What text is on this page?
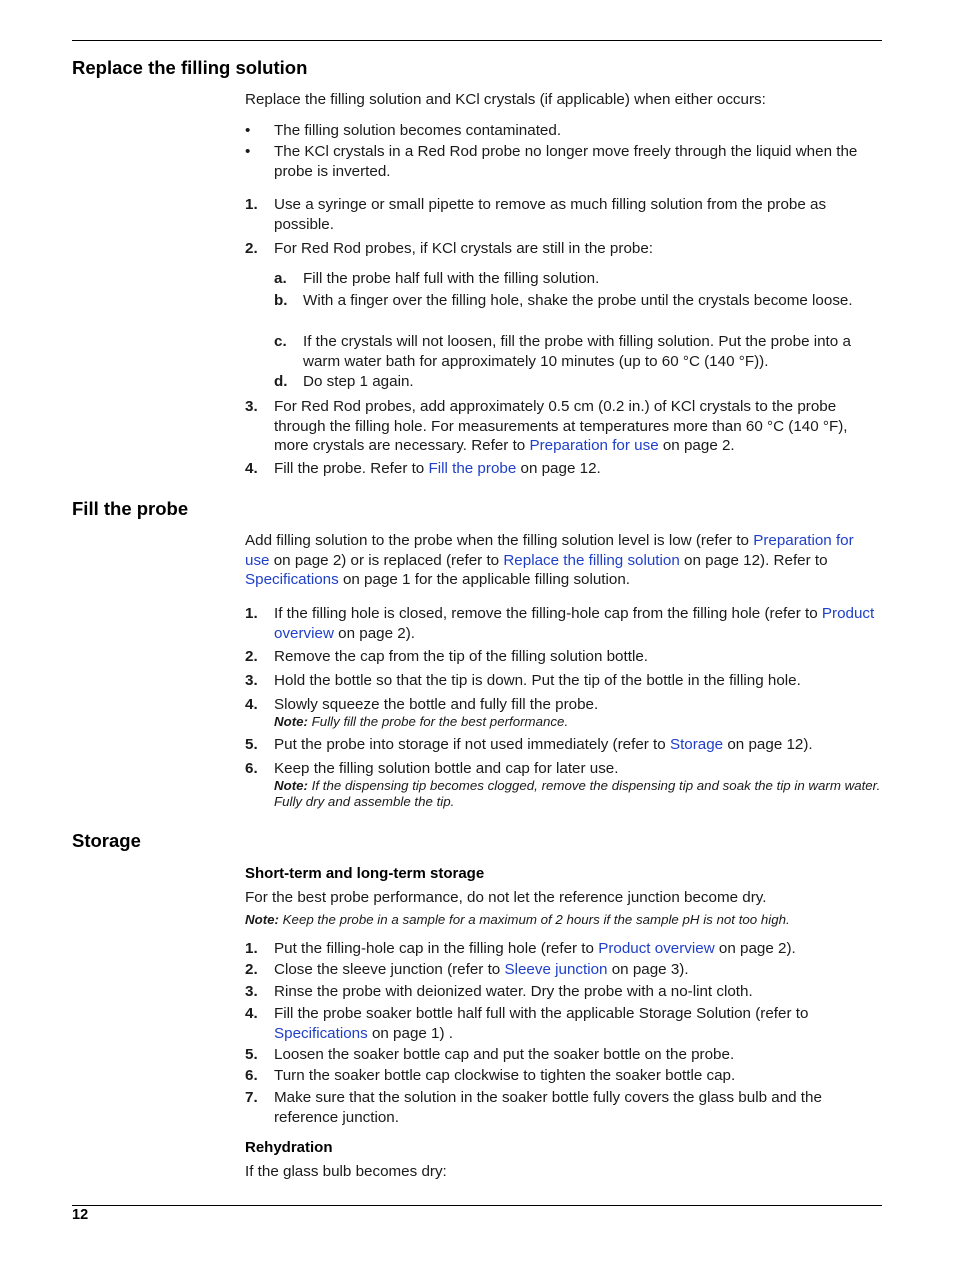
Replace the filling solution
Replace the filling solution and KCl crystals (if applicable) when either occurs:
• The filling solution becomes contaminated.
• The KCl crystals in a Red Rod probe no longer move freely through the liquid when the probe is inverted.
1. Use a syringe or small pipette to remove as much filling solution from the probe as possible.
2. For Red Rod probes, if KCl crystals are still in the probe:
a. Fill the probe half full with the filling solution.
b. With a finger over the filling hole, shake the probe until the crystals become loose.
c. If the crystals will not loosen, fill the probe with filling solution. Put the probe into a warm water bath for approximately 10 minutes (up to 60 °C (140 °F)).
d. Do step 1 again.
3. For Red Rod probes, add approximately 0.5 cm (0.2 in.) of KCl crystals to the probe through the filling hole. For measurements at temperatures more than 60 °C (140 °F), more crystals are necessary. Refer to Preparation for use on page 2.
4. Fill the probe. Refer to Fill the probe on page 12.
Fill the probe
Add filling solution to the probe when the filling solution level is low (refer to Preparation for use on page 2) or is replaced (refer to Replace the filling solution on page 12). Refer to Specifications on page 1 for the applicable filling solution.
1. If the filling hole is closed, remove the filling-hole cap from the filling hole (refer to Product overview on page 2).
2. Remove the cap from the tip of the filling solution bottle.
3. Hold the bottle so that the tip is down. Put the tip of the bottle in the filling hole.
4. Slowly squeeze the bottle and fully fill the probe.
Note: Fully fill the probe for the best performance.
5. Put the probe into storage if not used immediately (refer to Storage on page 12).
6. Keep the filling solution bottle and cap for later use.
Note: If the dispensing tip becomes clogged, remove the dispensing tip and soak the tip in warm water. Fully dry and assemble the tip.
Storage
Short-term and long-term storage
For the best probe performance, do not let the reference junction become dry.
Note: Keep the probe in a sample for a maximum of 2 hours if the sample pH is not too high.
1. Put the filling-hole cap in the filling hole (refer to Product overview on page 2).
2. Close the sleeve junction (refer to Sleeve junction on page 3).
3. Rinse the probe with deionized water. Dry the probe with a no-lint cloth.
4. Fill the probe soaker bottle half full with the applicable Storage Solution (refer to Specifications on page 1) .
5. Loosen the soaker bottle cap and put the soaker bottle on the probe.
6. Turn the soaker bottle cap clockwise to tighten the soaker bottle cap.
7. Make sure that the solution in the soaker bottle fully covers the glass bulb and the reference junction.
Rehydration
If the glass bulb becomes dry:
12
